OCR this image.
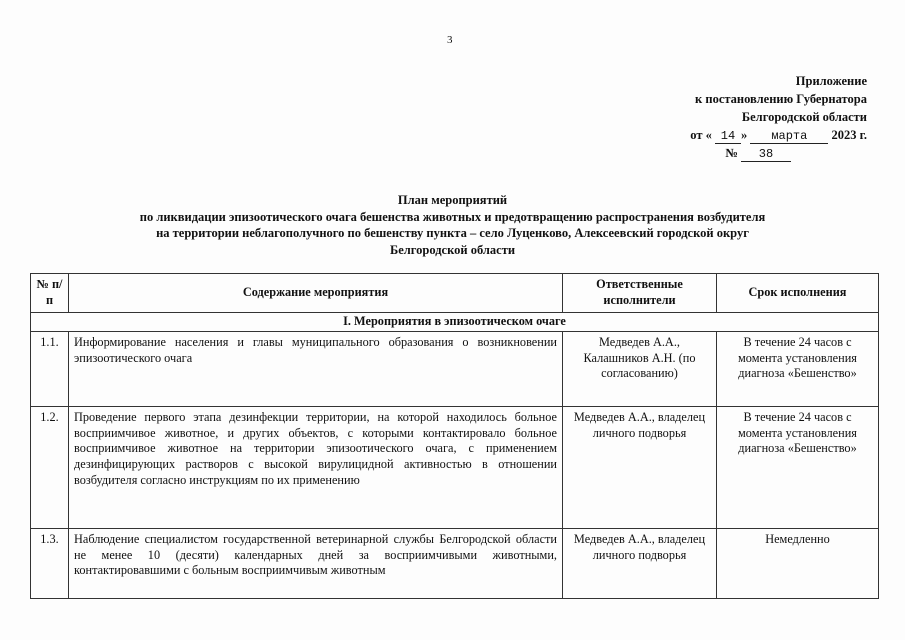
3
Приложение
к постановлению Губернатора
Белгородской области
от « 14 » марта 2023 г.
№ 38
План мероприятий
по ликвидации эпизоотического очага бешенства животных и предотвращению распространения возбудителя
на территории неблагополучного по бешенству пункта – село Луценково, Алексеевский городской округ
Белгородской области
№ п/п	Содержание мероприятия	Ответственные исполнители	Срок исполнения
I. Мероприятия в эпизоотическом очаге			
1.1.	Информирование населения и главы муниципального образования о возникновении эпизоотического очага	Медведев А.А., Калашников А.Н. (по согласованию)	В течение 24 часов с момента установления диагноза «Бешенство»
1.2.	Проведение первого этапа дезинфекции территории, на которой находилось больное восприимчивое животное, и других объектов, с которыми контактировало больное восприимчивое животное на территории эпизоотического очага, с применением дезинфицирующих растворов с высокой вирулицидной активностью в отношении возбудителя согласно инструкциям по их применению	Медведев А.А., владелец личного подворья	В течение 24 часов с момента установления диагноза «Бешенство»
1.3.	Наблюдение специалистом государственной ветеринарной службы Белгородской области не менее 10 (десяти) календарных дней за восприимчивыми животными, контактировавшими с больным восприимчивым животным	Медведев А.А., владелец личного подворья	Немедленно
